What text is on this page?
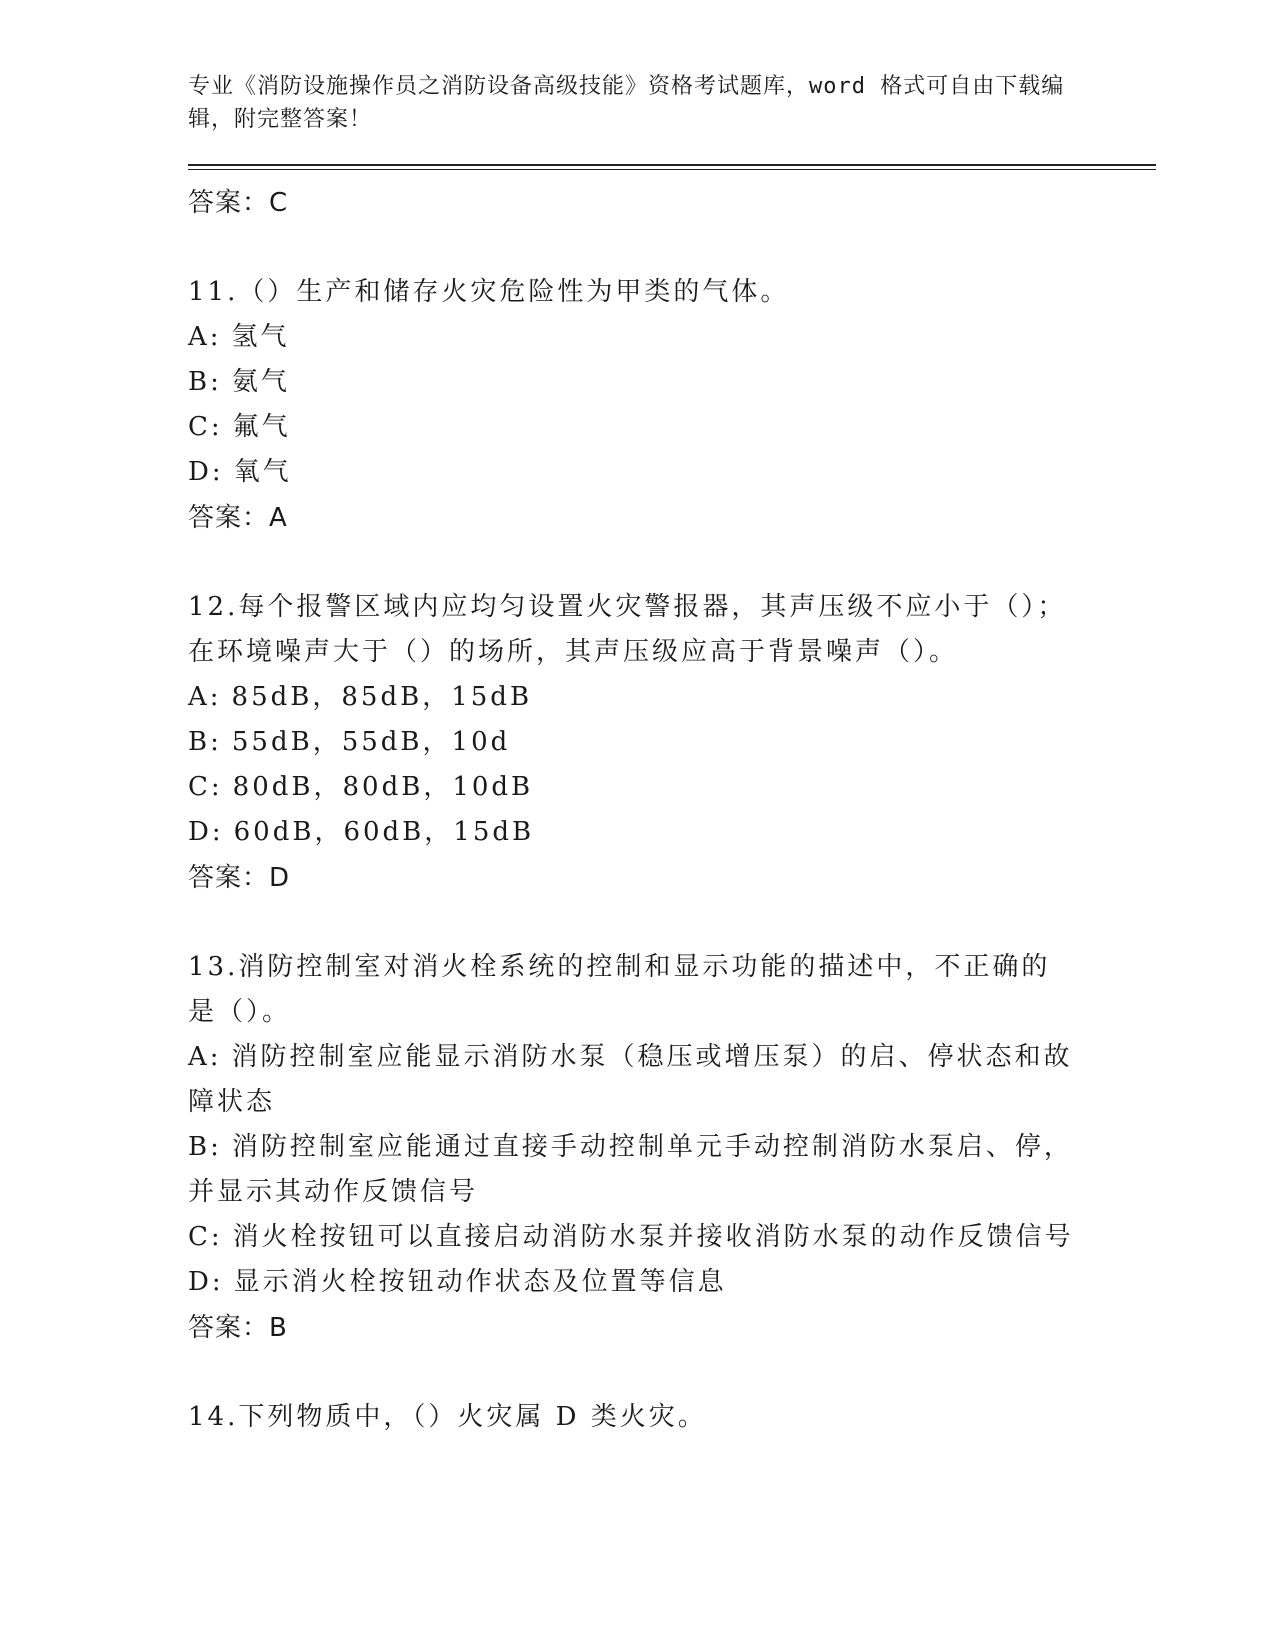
专业《消防设施操作员之消防设备高级技能》资格考试题库，word 格式可自由下载编辑，附完整答案！

答案：C

11.（）生产和储存火灾危险性为甲类的气体。

A: 氢气

B: 氨气

C: 氟气

D: 氧气

答案：A

12.每个报警区域内应均匀设置火灾警报器，其声压级不应小于（）；在环境噪声大于（）的场所，其声压级应高于背景噪声（）。

A: 85dB，85dB，15dB

B: 55dB，55dB，10d

C: 80dB，80dB，10dB

D: 60dB，60dB，15dB

答案：D

13.消防控制室对消火栓系统的控制和显示功能的描述中，不正确的是（）。

A: 消防控制室应能显示消防水泵（稳压或增压泵）的启、停状态和故障状态

B: 消防控制室应能通过直接手动控制单元手动控制消防水泵启、停，并显示其动作反馈信号

C: 消火栓按钮可以直接启动消防水泵并接收消防水泵的动作反馈信号

D: 显示消火栓按钮动作状态及位置等信息

答案：B

14.下列物质中，（）火灾属 D 类火灾。
